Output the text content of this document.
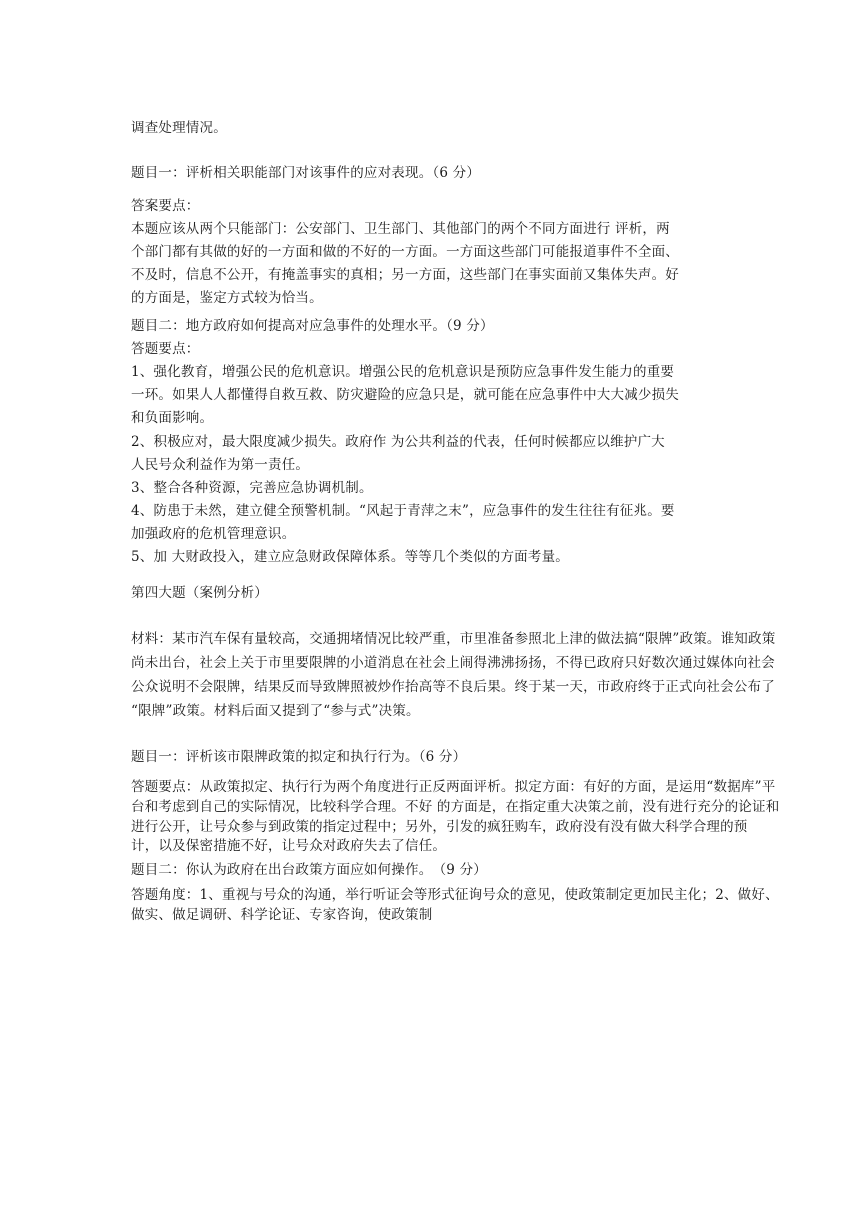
调查处理情况。
题目一：评析相关职能部门对该事件的应对表现。（6 分）
答案要点：
本题应该从两个只能部门：公安部门、卫生部门、其他部门的两个不同方面进行 评析，两
个部门都有其做的好的一方面和做的不好的一方面。一方面这些部门可能报道事件不全面、
不及时，信息不公开，有掩盖事实的真相；另一方面，这些部门在事实面前又集体失声。好
的方面是，鉴定方式较为恰当。
题目二：地方政府如何提高对应急事件的处理水平。（9 分）
答题要点：
1、强化教育，增强公民的危机意识。增强公民的危机意识是预防应急事件发生能力的重要
一环。如果人人都懂得自救互救、防灾避险的应急只是，就可能在应急事件中大大减少损失
和负面影响。
2、积极应对，最大限度减少损失。政府作 为公共利益的代表，任何时候都应以维护广大
人民号众利益作为第一责任。
3、整合各种资源，完善应急协调机制。
4、防患于未然，建立健全预警机制。“风起于青萍之末”，应急事件的发生往往有征兆。要
加强政府的危机管理意识。
5、加 大财政投入，建立应急财政保障体系。等等几个类似的方面考量。
第四大题（案例分析）
材料：某市汽车保有量较高，交通拥堵情况比较严重，市里准备参照北上津的做法搞“限牌”政策。谁知政策
尚未出台，社会上关于市里要限牌的小道消息在社会上闹得沸沸扬扬，不得已政府只好数次通过媒体向社会
公众说明不会限牌，结果反而导致牌照被炒作抬高等不良后果。终于某一天，市政府终于正式向社会公布了
“限牌”政策。材料后面又提到了“参与式”决策。
题目一：评析该市限牌政策的拟定和执行行为。（6 分）
答题要点：从政策拟定、执行行为两个角度进行正反两面评析。拟定方面：有好的方面，是运用“数据库”平
台和考虑到自己的实际情况，比较科学合理。不好 的方面是，在指定重大决策之前，没有进行充分的论证和
进行公开，让号众参与到政策的指定过程中；另外，引发的疯狂购车，政府没有没有做大科学合理的预
计，以及保密措施不好，让号众对政府失去了信任。
题目二：你认为政府在出台政策方面应如何操作。　（9 分）
答题角度：1、重视与号众的沟通，举行听证会等形式征询号众的意见，使政策制定更加民主化；2、做好、
做实、做足调研、科学论证、专家咨询，使政策制
